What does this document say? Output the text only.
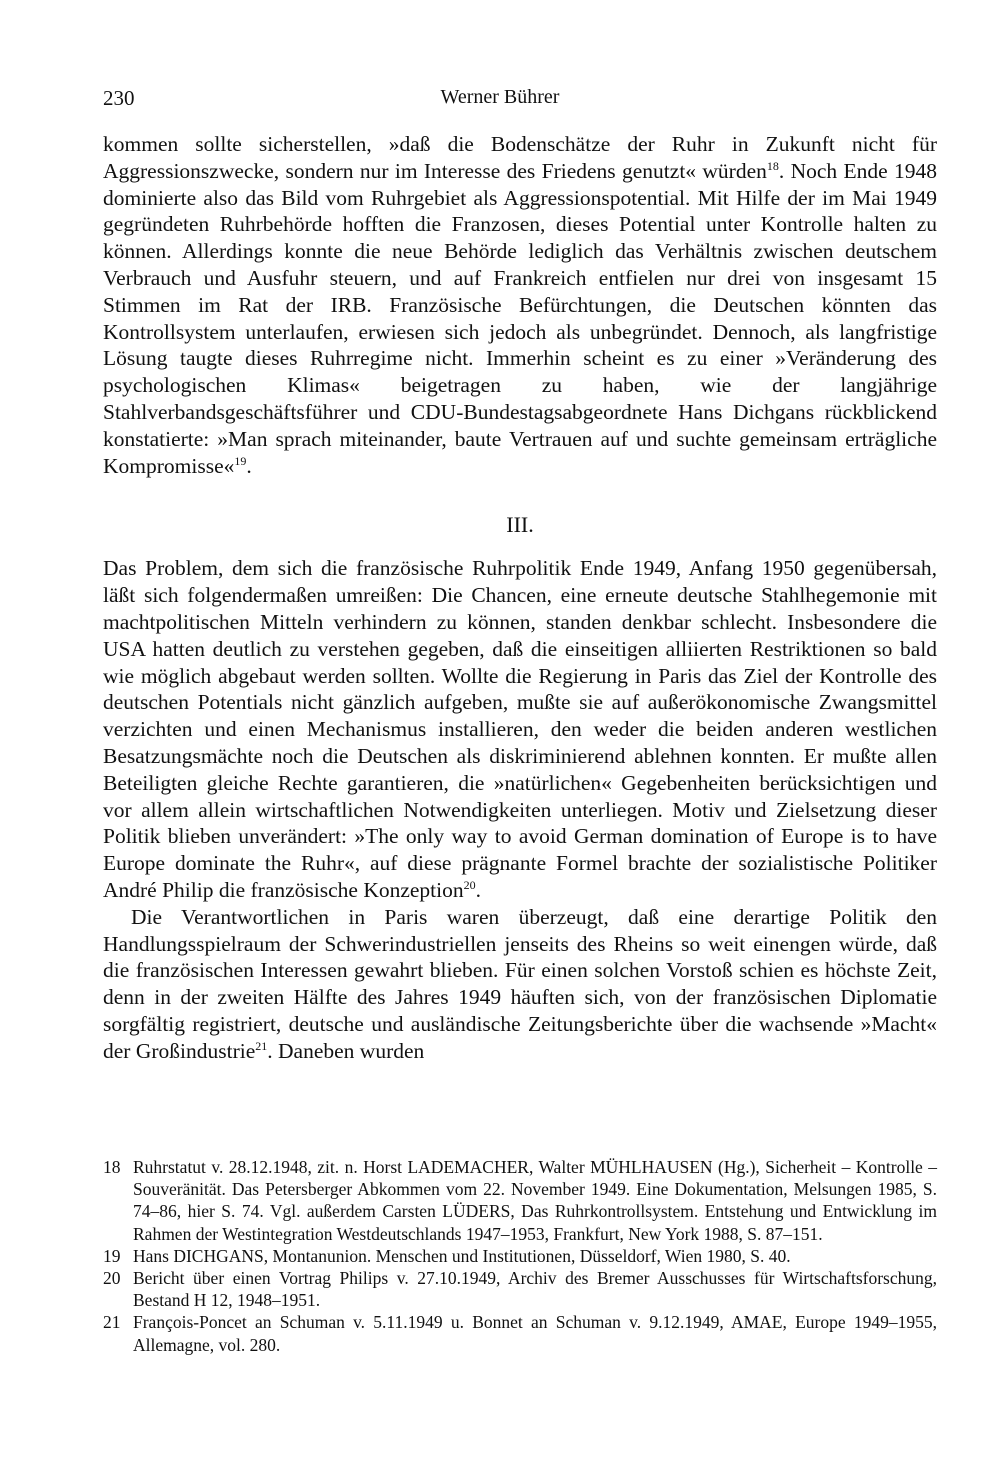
230	Werner Bührer

kommen sollte sicherstellen, »daß die Bodenschätze der Ruhr in Zukunft nicht für Aggressionszwecke, sondern nur im Interesse des Friedens genutzt« würden$^{18}$. Noch Ende 1948 dominierte also das Bild vom Ruhrgebiet als Aggressionspotential. Mit Hilfe der im Mai 1949 gegründeten Ruhrbehörde hofften die Franzosen, dieses Potential unter Kontrolle halten zu können. Allerdings konnte die neue Behörde lediglich das Verhältnis zwischen deutschem Verbrauch und Ausfuhr steuern, und auf Frankreich entfielen nur drei von insgesamt 15 Stimmen im Rat der IRB. Französische Befürchtungen, die Deutschen könnten das Kontrollsystem unterlaufen, erwiesen sich jedoch als unbegründet. Dennoch, als langfristige Lösung taugte dieses Ruhrregime nicht. Immerhin scheint es zu einer »Veränderung des psychologischen Klimas« beigetragen zu haben, wie der langjährige Stahlverbandsgeschäftsführer und CDU-Bundestagsabgeordnete Hans Dichgans rückblickend konstatierte: »Man sprach miteinander, baute Vertrauen auf und suchte gemeinsam erträgliche Kompromisse«$^{19}$.

III.

Das Problem, dem sich die französische Ruhrpolitik Ende 1949, Anfang 1950 gegenübersah, läßt sich folgendermaßen umreißen: Die Chancen, eine erneute deutsche Stahlhegemonie mit machtpolitischen Mitteln verhindern zu können, standen denkbar schlecht. Insbesondere die USA hatten deutlich zu verstehen gegeben, daß die einseitigen alliierten Restriktionen so bald wie möglich abgebaut werden sollten. Wollte die Regierung in Paris das Ziel der Kontrolle des deutschen Potentials nicht gänzlich aufgeben, mußte sie auf außerökonomische Zwangsmittel verzichten und einen Mechanismus installieren, den weder die beiden anderen westlichen Besatzungsmächte noch die Deutschen als diskriminierend ablehnen konnten. Er mußte allen Beteiligten gleiche Rechte garantieren, die »natürlichen« Gegebenheiten berücksichtigen und vor allem allein wirtschaftlichen Notwendigkeiten unterliegen. Motiv und Zielsetzung dieser Politik blieben unverändert: »The only way to avoid German domination of Europe is to have Europe dominate the Ruhr«, auf diese prägnante Formel brachte der sozialistische Politiker André Philip die französische Konzeption$^{20}$.

Die Verantwortlichen in Paris waren überzeugt, daß eine derartige Politik den Handlungsspielraum der Schwerindustriellen jenseits des Rheins so weit einengen würde, daß die französischen Interessen gewahrt blieben. Für einen solchen Vorstoß schien es höchste Zeit, denn in der zweiten Hälfte des Jahres 1949 häuften sich, von der französischen Diplomatie sorgfältig registriert, deutsche und ausländische Zeitungsberichte über die wachsende »Macht« der Großindustrie$^{21}$. Daneben wurden

18 Ruhrstatut v. 28.12.1948, zit. n. Horst LADEMACHER, Walter MÜHLHAUSEN (Hg.), Sicherheit – Kontrolle – Souveränität. Das Petersberger Abkommen vom 22. November 1949. Eine Dokumentation, Melsungen 1985, S. 74–86, hier S. 74. Vgl. außerdem Carsten LÜDERS, Das Ruhrkontrollsystem. Entstehung und Entwicklung im Rahmen der Westintegration Westdeutschlands 1947–1953, Frankfurt, New York 1988, S. 87–151.
19 Hans DICHGANS, Montanunion. Menschen und Institutionen, Düsseldorf, Wien 1980, S. 40.
20 Bericht über einen Vortrag Philips v. 27.10.1949, Archiv des Bremer Ausschusses für Wirtschaftsforschung, Bestand H 12, 1948–1951.
21 François-Poncet an Schuman v. 5.11.1949 u. Bonnet an Schuman v. 9.12.1949, AMAE, Europe 1949–1955, Allemagne, vol. 280.
